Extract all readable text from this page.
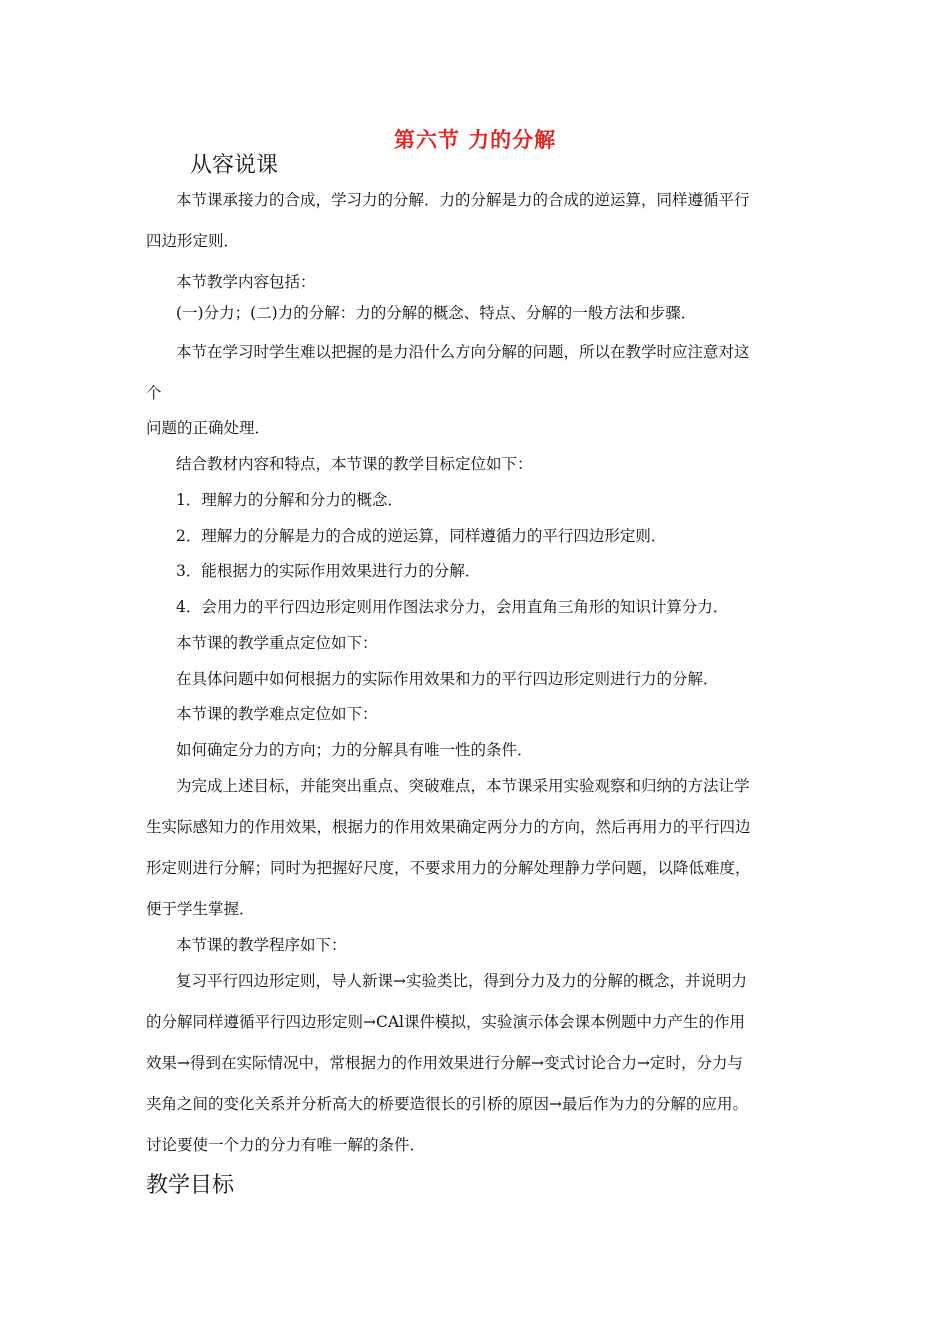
第六节 力的分解
从容说课
本节课承接力的合成，学习力的分解．力的分解是力的合成的逆运算，同样遵循平行
四边形定则．
本节教学内容包括：
(一)分力；(二)力的分解：力的分解的概念、特点、分解的一般方法和步骤．
本节在学习时学生难以把握的是力沿什么方向分解的问题，所以在教学时应注意对这
个
问题的正确处理．
结合教材内容和特点，本节课的教学目标定位如下：
1．理解力的分解和分力的概念．
2．理解力的分解是力的合成的逆运算，同样遵循力的平行四边形定则．
3．能根据力的实际作用效果进行力的分解．
4．会用力的平行四边形定则用作图法求分力，会用直角三角形的知识计算分力．
本节课的教学重点定位如下：
在具体问题中如何根据力的实际作用效果和力的平行四边形定则进行力的分解．
本节课的教学难点定位如下：
如何确定分力的方向；力的分解具有唯一性的条件．
为完成上述目标，并能突出重点、突破难点，本节课采用实验观察和归纳的方法让学
生实际感知力的作用效果，根据力的作用效果确定两分力的方向，然后再用力的平行四边
形定则进行分解；同时为把握好尺度，不要求用力的分解处理静力学问题，以降低难度，
便于学生掌握．
本节课的教学程序如下：
复习平行四边形定则，导人新课→实验类比，得到分力及力的分解的概念，并说明力
的分解同样遵循平行四边形定则→CAl课件模拟，实验演示体会课本例题中力产生的作用
效果→得到在实际情况中，常根据力的作用效果进行分解→变式讨论合力→定时，分力与
夹角之间的变化关系并分析高大的桥要造很长的引桥的原因→最后作为力的分解的应用。
讨论要使一个力的分力有唯一解的条件．
教学目标
